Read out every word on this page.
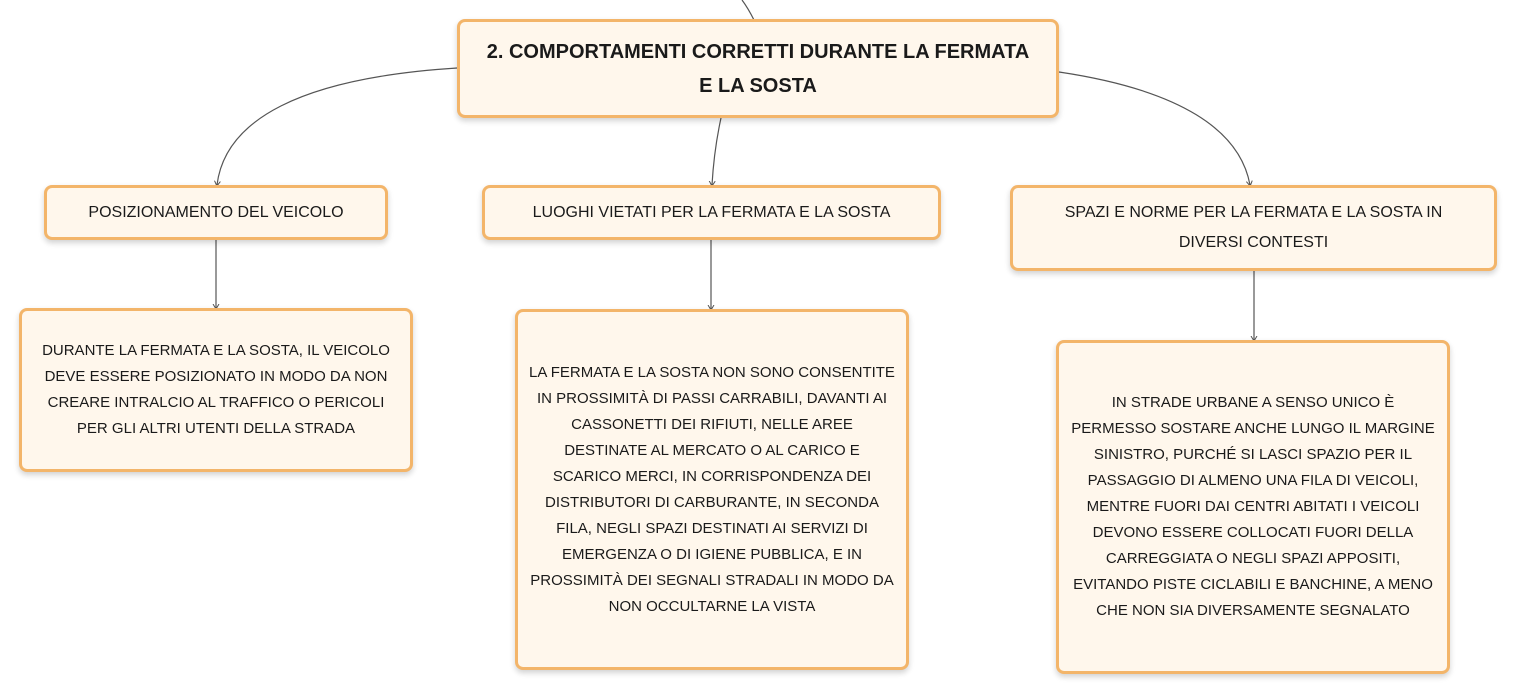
2. COMPORTAMENTI CORRETTI DURANTE LA FERMATA E LA SOSTA
POSIZIONAMENTO DEL VEICOLO	LUOGHI VIETATI PER LA FERMATA E LA SOSTA	SPAZI E NORME PER LA FERMATA E LA SOSTA IN DIVERSI CONTESTI
DURANTE LA FERMATA E LA SOSTA, IL VEICOLO DEVE ESSERE POSIZIONATO IN MODO DA NON CREARE INTRALCIO AL TRAFFICO O PERICOLI PER GLI ALTRI UTENTI DELLA STRADA
LA FERMATA E LA SOSTA NON SONO CONSENTITE IN PROSSIMITÀ DI PASSI CARRABILI, DAVANTI AI CASSONETTI DEI RIFIUTI, NELLE AREE DESTINATE AL MERCATO O AL CARICO E SCARICO MERCI, IN CORRISPONDENZA DEI DISTRIBUTORI DI CARBURANTE, IN SECONDA FILA, NEGLI SPAZI DESTINATI AI SERVIZI DI EMERGENZA O DI IGIENE PUBBLICA, E IN PROSSIMITÀ DEI SEGNALI STRADALI IN MODO DA NON OCCULTARNE LA VISTA
IN STRADE URBANE A SENSO UNICO È PERMESSO SOSTARE ANCHE LUNGO IL MARGINE SINISTRO, PURCHÉ SI LASCI SPAZIO PER IL PASSAGGIO DI ALMENO UNA FILA DI VEICOLI, MENTRE FUORI DAI CENTRI ABITATI I VEICOLI DEVONO ESSERE COLLOCATI FUORI DELLA CARREGGIATA O NEGLI SPAZI APPOSITI, EVITANDO PISTE CICLABILI E BANCHINE, A MENO CHE NON SIA DIVERSAMENTE SEGNALATO
